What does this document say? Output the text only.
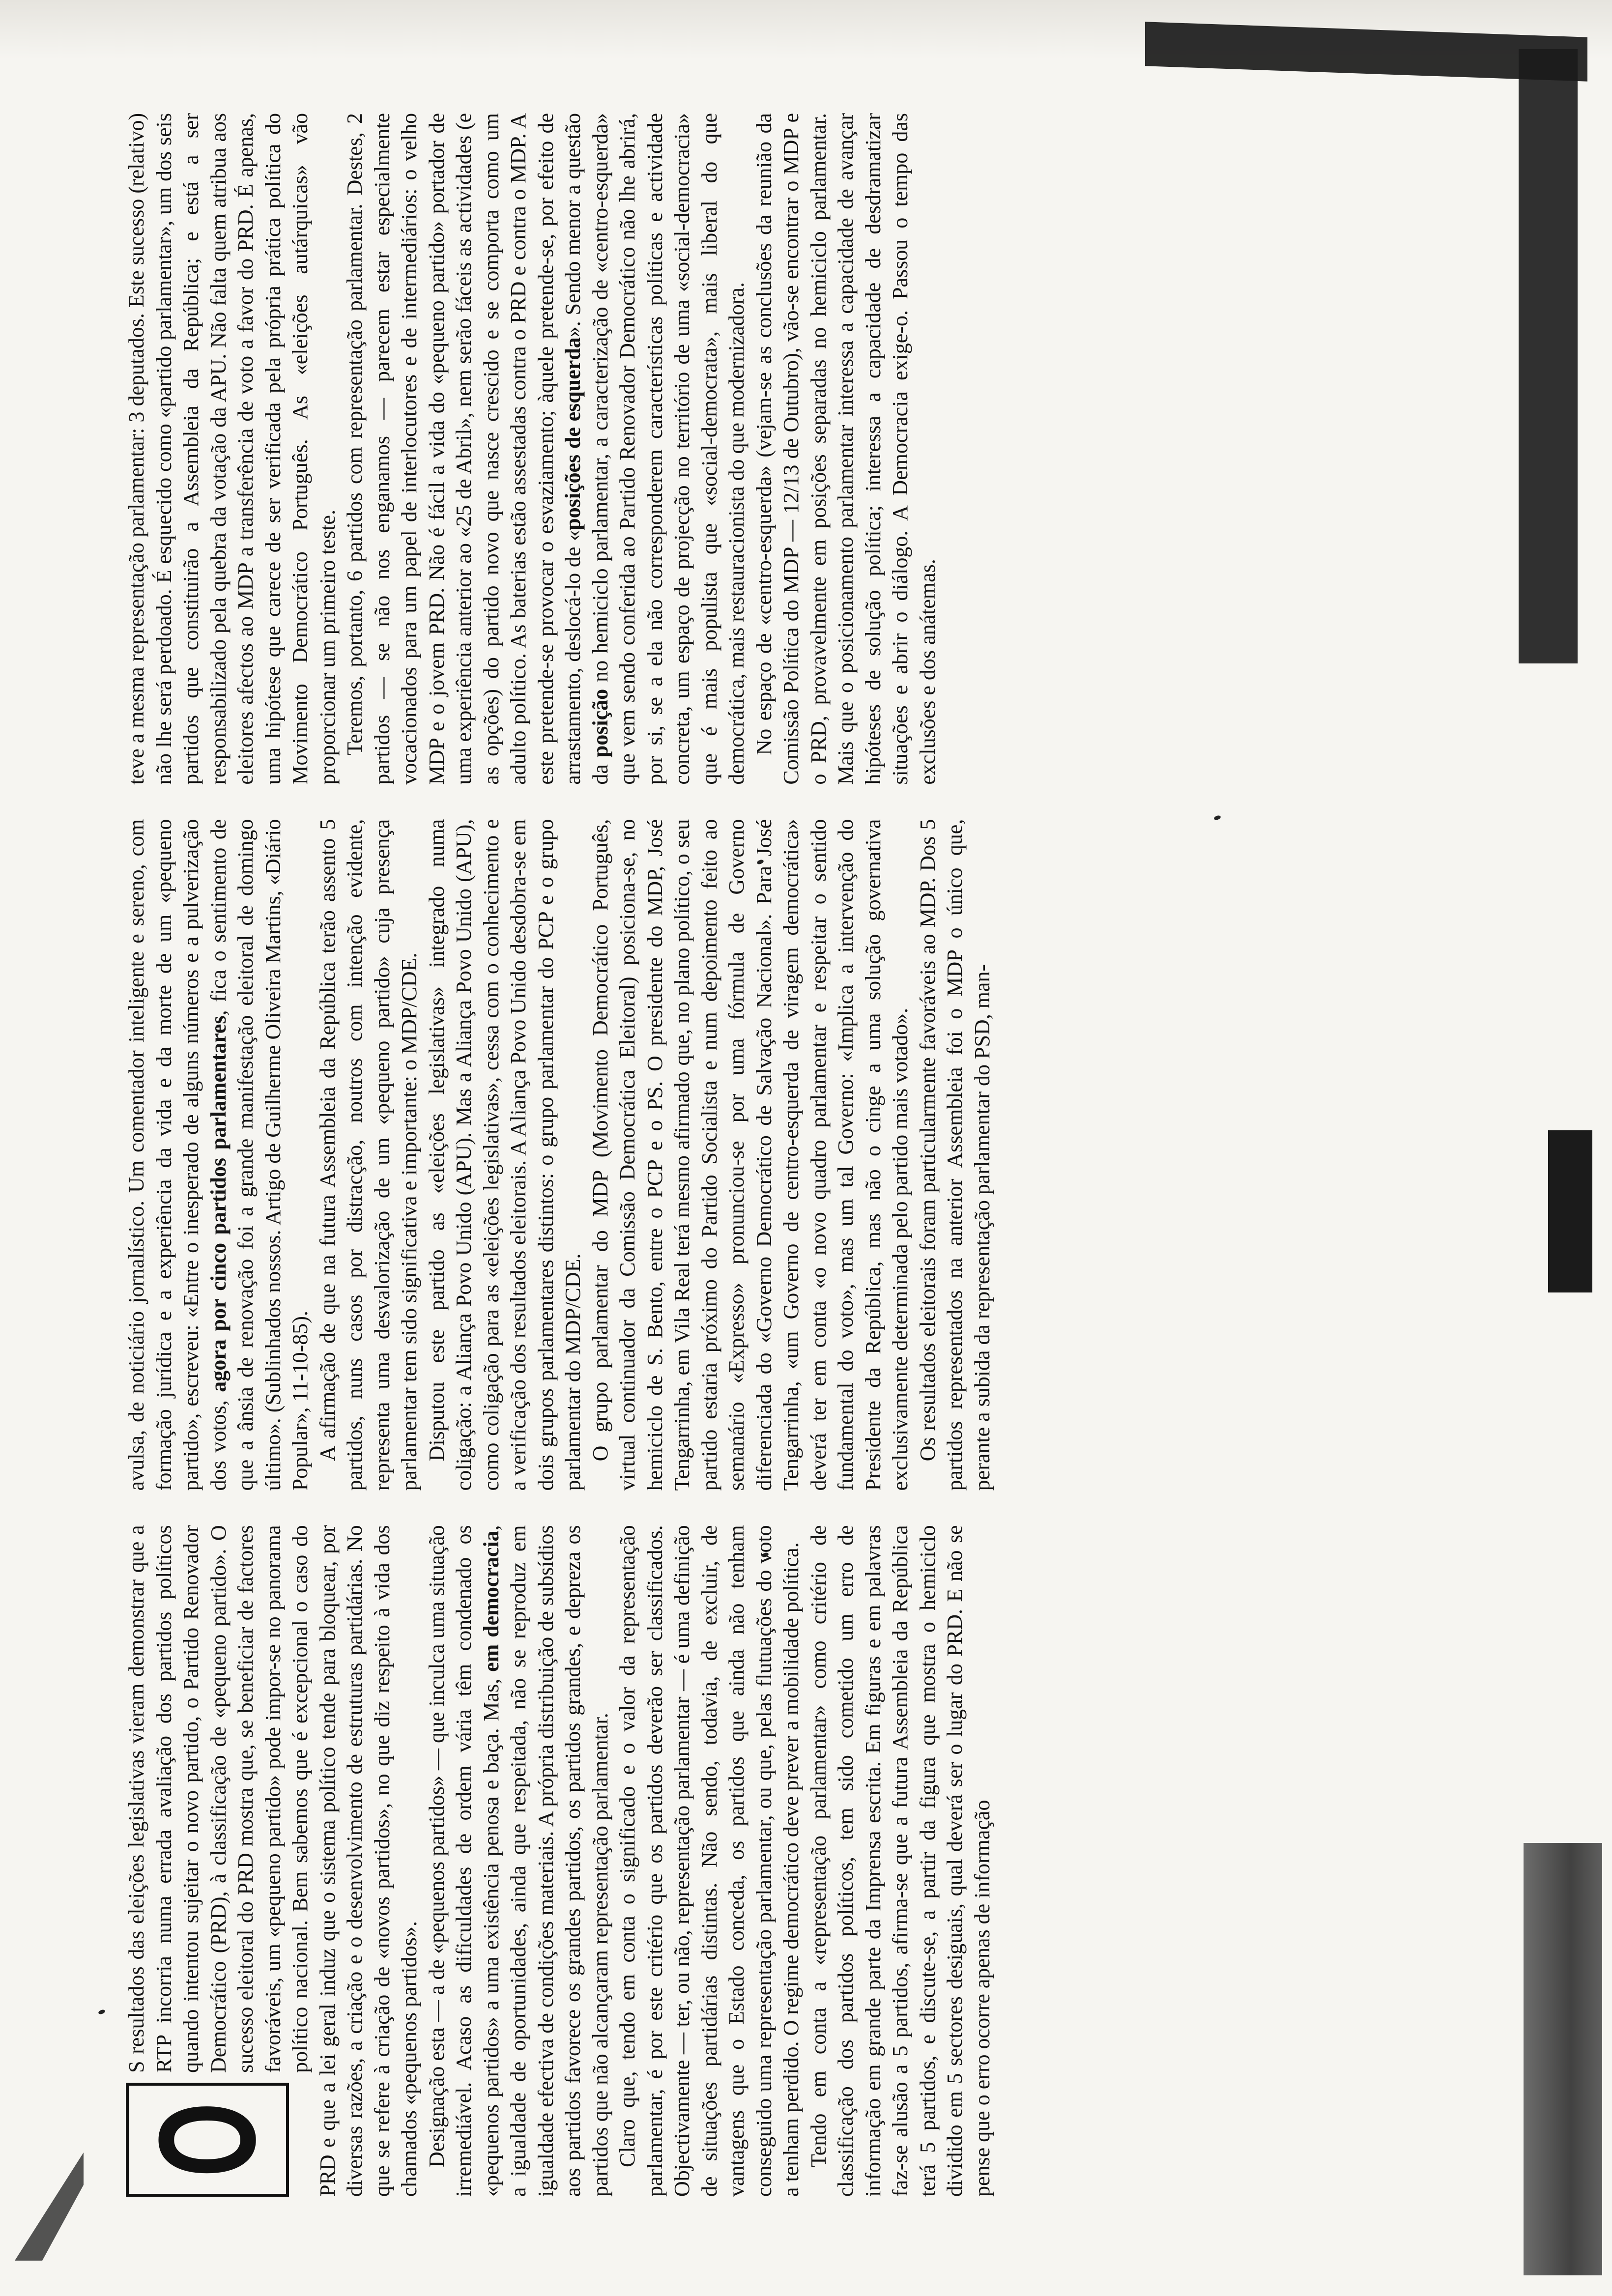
O
S resultados das eleições legislativas vieram demonstrar que a RTP incorria numa errada avaliação dos partidos políticos quando intentou sujeitar o novo partido, o Partido Renovador Democrático (PRD), à classificação de «pequeno partido». O sucesso eleitoral do PRD mostra que, se beneficiar de factores favoráveis, um «pequeno partido» pode impor-se no panorama político nacional. Bem sabemos que é excepcional o caso do PRD e que a lei geral induz que o sistema político tende para bloquear, por diversas razões, a criação e o desenvolvimento de estruturas partidárias. No que se refere à criação de «novos partidos», no que diz respeito à vida dos chamados «pequenos partidos». Designação esta — a de «pequenos partidos» — que inculca uma situação irremediável. Acaso as dificuldades de ordem vária têm condenado os «pequenos partidos» a uma existência penosa e baça. Mas, em democracia, a igualdade de oportunidades, ainda que respeitada, não se reproduz em igualdade efectiva de condições materiais. A própria distribuição de subsídios aos partidos favorece os grandes partidos, os partidos grandes, e depreza os partidos que não alcançaram representação parlamentar. Claro que, tendo em conta o significado e o valor da representação parlamentar, é por este critério que os partidos deverão ser classificados. Objectivamente — ter, ou não, representação parlamentar — é uma definição de situações partidárias distintas. Não sendo, todavia, de excluir, de vantagens que o Estado conceda, os partidos que ainda não tenham conseguido uma representação parlamentar, ou que, pelas flutuações do voto a tenham perdido. O regime democrático deve prever a mobilidade política. Tendo em conta a «representação parlamentar» como critério de classificação dos partidos políticos, tem sido cometido um erro de informação em grande parte da Imprensa escrita. Em figuras e em palavras faz-se alusão a 5 partidos, afirma-se que a futura Assembleia da República terá 5 partidos, e discute-se, a partir da figura que mostra o hemiciclo dividido em 5 sectores desiguais, qual deverá ser o lugar do PRD. E não se pense que o erro ocorre apenas de informação

avulsa, de noticiário jornalístico. Um comentador inteligente e sereno, com formação jurídica e a experiência da vida e da morte de um «pequeno partido», escreveu: «Entre o inesperado de alguns números e a pulverização dos votos, agora por cinco partidos parlamentares, fica o sentimento de que a ânsia de renovação foi a grande manifestação eleitoral de domingo último». (Sublinhados nossos. Artigo de Guilherme Oliveira Martins, «Diário Popular», 11-10-85). A afirmação de que na futura Assembleia da República terão assento 5 partidos, nuns casos por distracção, noutros com intenção evidente, representa uma desvalorização de um «pequeno partido» cuja presença parlamentar tem sido significativa e importante: o MDP/CDE. Disputou este partido as «eleições legislativas» integrado numa coligação: a Aliança Povo Unido (APU). Mas a Aliança Povo Unido (APU), como coligação para as «eleições legislativas», cessa com o conhecimento e a verificação dos resultados eleitorais. A Aliança Povo Unido desdobra-se em dois grupos parlamentares distintos: o grupo parlamentar do PCP e o grupo parlamentar do MDP/CDE. O grupo parlamentar do MDP (Movimento Democrático Português, virtual continuador da Comissão Democrática Eleitoral) posiciona-se, no hemiciclo de S. Bento, entre o PCP e o PS. O presidente do MDP, José Tengarrinha, em Vila Real terá mesmo afirmado que, no plano político, o seu partido estaria próximo do Partido Socialista e num depoimento feito ao semanário «Expresso» pronunciou-se por uma fórmula de Governo diferenciada do «Governo Democrático de Salvação Nacional». Para José Tengarrinha, «um Governo de centro-esquerda de viragem democrática» deverá ter em conta «o novo quadro parlamentar e respeitar o sentido fundamental do voto», mas um tal Governo: «Implica a intervenção do Presidente da República, mas não o cinge a uma solução governativa exclusivamente determinada pelo partido mais votado». Os resultados eleitorais foram particularmente favoráveis ao MDP. Dos 5 partidos representados na anterior Assembleia foi o MDP o único que, perante a subida da representação parlamentar do PSD, man-

teve a mesma representação parlamentar: 3 deputados. Este sucesso (relativo) não lhe será perdoado. É esquecido como «partido parlamentar», um dos seis partidos que constituirão a Assembleia da República; e está a ser responsabilizado pela quebra da votação da APU. Não falta quem atribua aos eleitores afectos ao MDP a transferência de voto a favor do PRD. É apenas, uma hipótese que carece de ser verificada pela própria prática política do Movimento Democrático Português. As «eleições autárquicas» vão proporcionar um primeiro teste. Teremos, portanto, 6 partidos com representação parlamentar. Destes, 2 partidos — se não nos enganamos — parecem estar especialmente vocacionados para um papel de interlocutores e de intermediários: o velho MDP e o jovem PRD. Não é fácil a vida do «pequeno partido» portador de uma experiência anterior ao «25 de Abril», nem serão fáceis as actividades (e as opções) do partido novo que nasce crescido e se comporta como um adulto político. As baterias estão assestadas contra o PRD e contra o MDP. A este pretende-se provocar o esvaziamento; àquele pretende-se, por efeito de arrastamento, deslocá-lo de «posições de esquerda». Sendo menor a questão da posição no hemiciclo parlamentar, a caracterização de «centro-esquerda» que vem sendo conferida ao Partido Renovador Democrático não lhe abrirá, por si, se a ela não corresponderem características políticas e actividade concreta, um espaço de projecção no território de uma «social-democracia» que é mais populista que «social-democrata», mais liberal do que democrática, mais restauracionista do que modernizadora. No espaço de «centro-esquerda» (vejam-se as conclusões da reunião da Comissão Política do MDP — 12/13 de Outubro), vão-se encontrar o MDP e o PRD, provavelmente em posições separadas no hemiciclo parlamentar. Mais que o posicionamento parlamentar interessa a capacidade de avançar hipóteses de solução política; interessa a capacidade de desdramatizar situações e abrir o diálogo. A Democracia exige-o. Passou o tempo das exclusões e dos anátemas.
